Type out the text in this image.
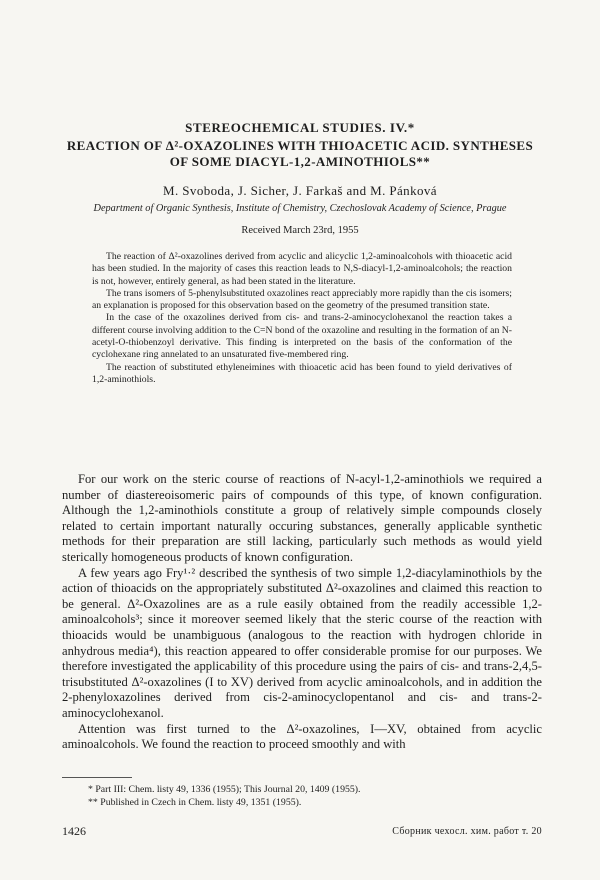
STEREOCHEMICAL STUDIES. IV.*
REACTION OF Δ²-OXAZOLINES WITH THIOACETIC ACID. SYNTHESES
OF SOME DIACYL-1,2-AMINOTHIOLS**
M. Svoboda, J. Sicher, J. Farkaš and M. Pánková
Department of Organic Synthesis, Institute of Chemistry, Czechoslovak Academy of Science, Prague
Received March 23rd, 1955

The reaction of Δ²-oxazolines derived from acyclic and alicyclic 1,2-aminoalcohols with thioacetic acid has been studied. In the majority of cases this reaction leads to N,S-diacyl-1,2-aminoalcohols; the reaction is not, however, entirely general, as had been stated in the literature.

The trans isomers of 5-phenylsubstituted oxazolines react appreciably more rapidly than the cis isomers; an explanation is proposed for this observation based on the geometry of the presumed transition state.

In the case of the oxazolines derived from cis- and trans-2-aminocyclohexanol the reaction takes a different course involving addition to the C=N bond of the oxazoline and resulting in the formation of an N-acetyl-O-thiobenzoyl derivative. This finding is interpreted on the basis of the conformation of the cyclohexane ring annelated to an unsaturated five-membered ring.

The reaction of substituted ethyleneimines with thioacetic acid has been found to yield derivatives of 1,2-aminothiols.

For our work on the steric course of reactions of N-acyl-1,2-aminothiols we required a number of diastereoisomeric pairs of compounds of this type, of known configuration. Although the 1,2-aminothiols constitute a group of relatively simple compounds closely related to certain important naturally occuring substances, generally applicable synthetic methods for their preparation are still lacking, particularly such methods as would yield sterically homogeneous products of known configuration.

A few years ago Fry¹·² described the synthesis of two simple 1,2-diacylaminothiols by the action of thioacids on the appropriately substituted Δ²-oxazolines and claimed this reaction to be general. Δ²-Oxazolines are as a rule easily obtained from the readily accessible 1,2-aminoalcohols³; since it moreover seemed likely that the steric course of the reaction with thioacids would be unambiguous (analogous to the reaction with hydrogen chloride in anhydrous media⁴), this reaction appeared to offer considerable promise for our purposes. We therefore investigated the applicability of this procedure using the pairs of cis- and trans-2,4,5-trisubstituted Δ²-oxazolines (I to XV) derived from acyclic aminoalcohols, and in addition the 2-phenyloxazolines derived from cis-2-aminocyclopentanol and cis- and trans-2-aminocyclohexanol.

Attention was first turned to the Δ²-oxazolines, I—XV, obtained from acyclic aminoalcohols. We found the reaction to proceed smoothly and with

* Part III: Chem. listy 49, 1336 (1955); This Journal 20, 1409 (1955).
** Published in Czech in Chem. listy 49, 1351 (1955).
1426	Сборник чехосл. хим. работ т. 20
